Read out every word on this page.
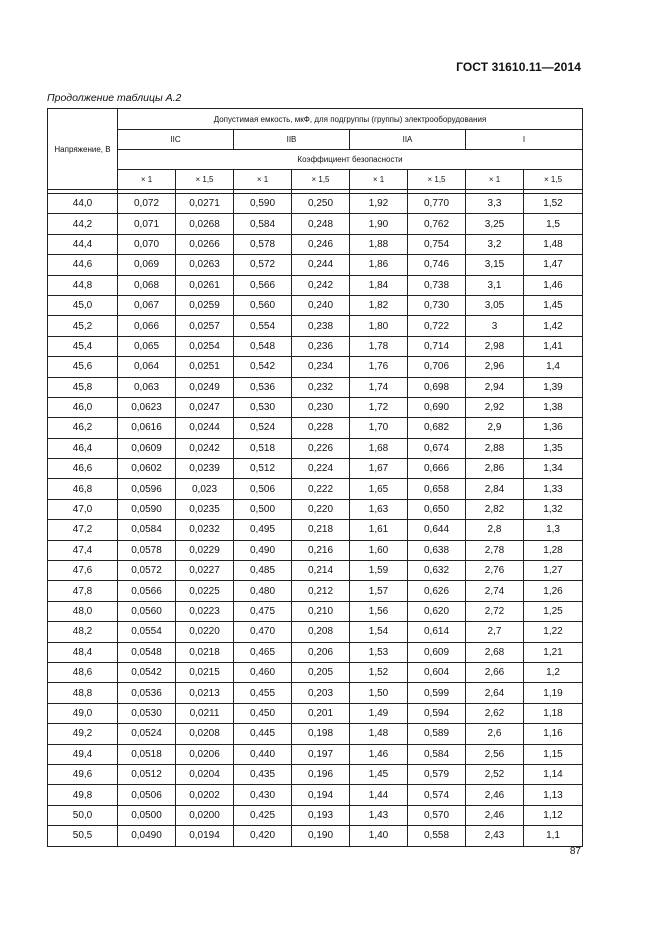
ГОСТ 31610.11—2014
Продолжение таблицы А.2
Напряжение, В	Допустимая емкость, мкФ, для подгруппы (группы) электрооборудования							
	IIC		IIB		IIA		I	
	Коэффициент безопасности							
	× 1	× 1,5	× 1	× 1,5	× 1	× 1,5	× 1	× 1,5

44,0	0,072	0,0271	0,590	0,250	1,92	0,770	3,3	1,52
44,2	0,071	0,0268	0,584	0,248	1,90	0,762	3,25	1,5
44,4	0,070	0,0266	0,578	0,246	1,88	0,754	3,2	1,48
44,6	0,069	0,0263	0,572	0,244	1,86	0,746	3,15	1,47
44,8	0,068	0,0261	0,566	0,242	1,84	0,738	3,1	1,46
45,0	0,067	0,0259	0,560	0,240	1,82	0,730	3,05	1,45
45,2	0,066	0,0257	0,554	0,238	1,80	0,722	3	1,42
45,4	0,065	0,0254	0,548	0,236	1,78	0,714	2,98	1,41
45,6	0,064	0,0251	0,542	0,234	1,76	0,706	2,96	1,4
45,8	0,063	0,0249	0,536	0,232	1,74	0,698	2,94	1,39
46,0	0,0623	0,0247	0,530	0,230	1,72	0,690	2,92	1,38
46,2	0,0616	0,0244	0,524	0,228	1,70	0,682	2,9	1,36
46,4	0,0609	0,0242	0,518	0,226	1,68	0,674	2,88	1,35
46,6	0,0602	0,0239	0,512	0,224	1,67	0,666	2,86	1,34
46,8	0,0596	0,023	0,506	0,222	1,65	0,658	2,84	1,33
47,0	0,0590	0,0235	0,500	0,220	1,63	0,650	2,82	1,32
47,2	0,0584	0,0232	0,495	0,218	1,61	0,644	2,8	1,3
47,4	0,0578	0,0229	0,490	0,216	1,60	0,638	2,78	1,28
47,6	0,0572	0,0227	0,485	0,214	1,59	0,632	2,76	1,27
47,8	0,0566	0,0225	0,480	0,212	1,57	0,626	2,74	1,26
48,0	0,0560	0,0223	0,475	0,210	1,56	0,620	2,72	1,25
48,2	0,0554	0,0220	0,470	0,208	1,54	0,614	2,7	1,22
48,4	0,0548	0,0218	0,465	0,206	1,53	0,609	2,68	1,21
48,6	0,0542	0,0215	0,460	0,205	1,52	0,604	2,66	1,2
48,8	0,0536	0,0213	0,455	0,203	1,50	0,599	2,64	1,19
49,0	0,0530	0,0211	0,450	0,201	1,49	0,594	2,62	1,18
49,2	0,0524	0,0208	0,445	0,198	1,48	0,589	2,6	1,16
49,4	0,0518	0,0206	0,440	0,197	1,46	0,584	2,56	1,15
49,6	0,0512	0,0204	0,435	0,196	1,45	0,579	2,52	1,14
49,8	0,0506	0,0202	0,430	0,194	1,44	0,574	2,46	1,13
50,0	0,0500	0,0200	0,425	0,193	1,43	0,570	2,46	1,12
50,5	0,0490	0,0194	0,420	0,190	1,40	0,558	2,43	1,1
87
